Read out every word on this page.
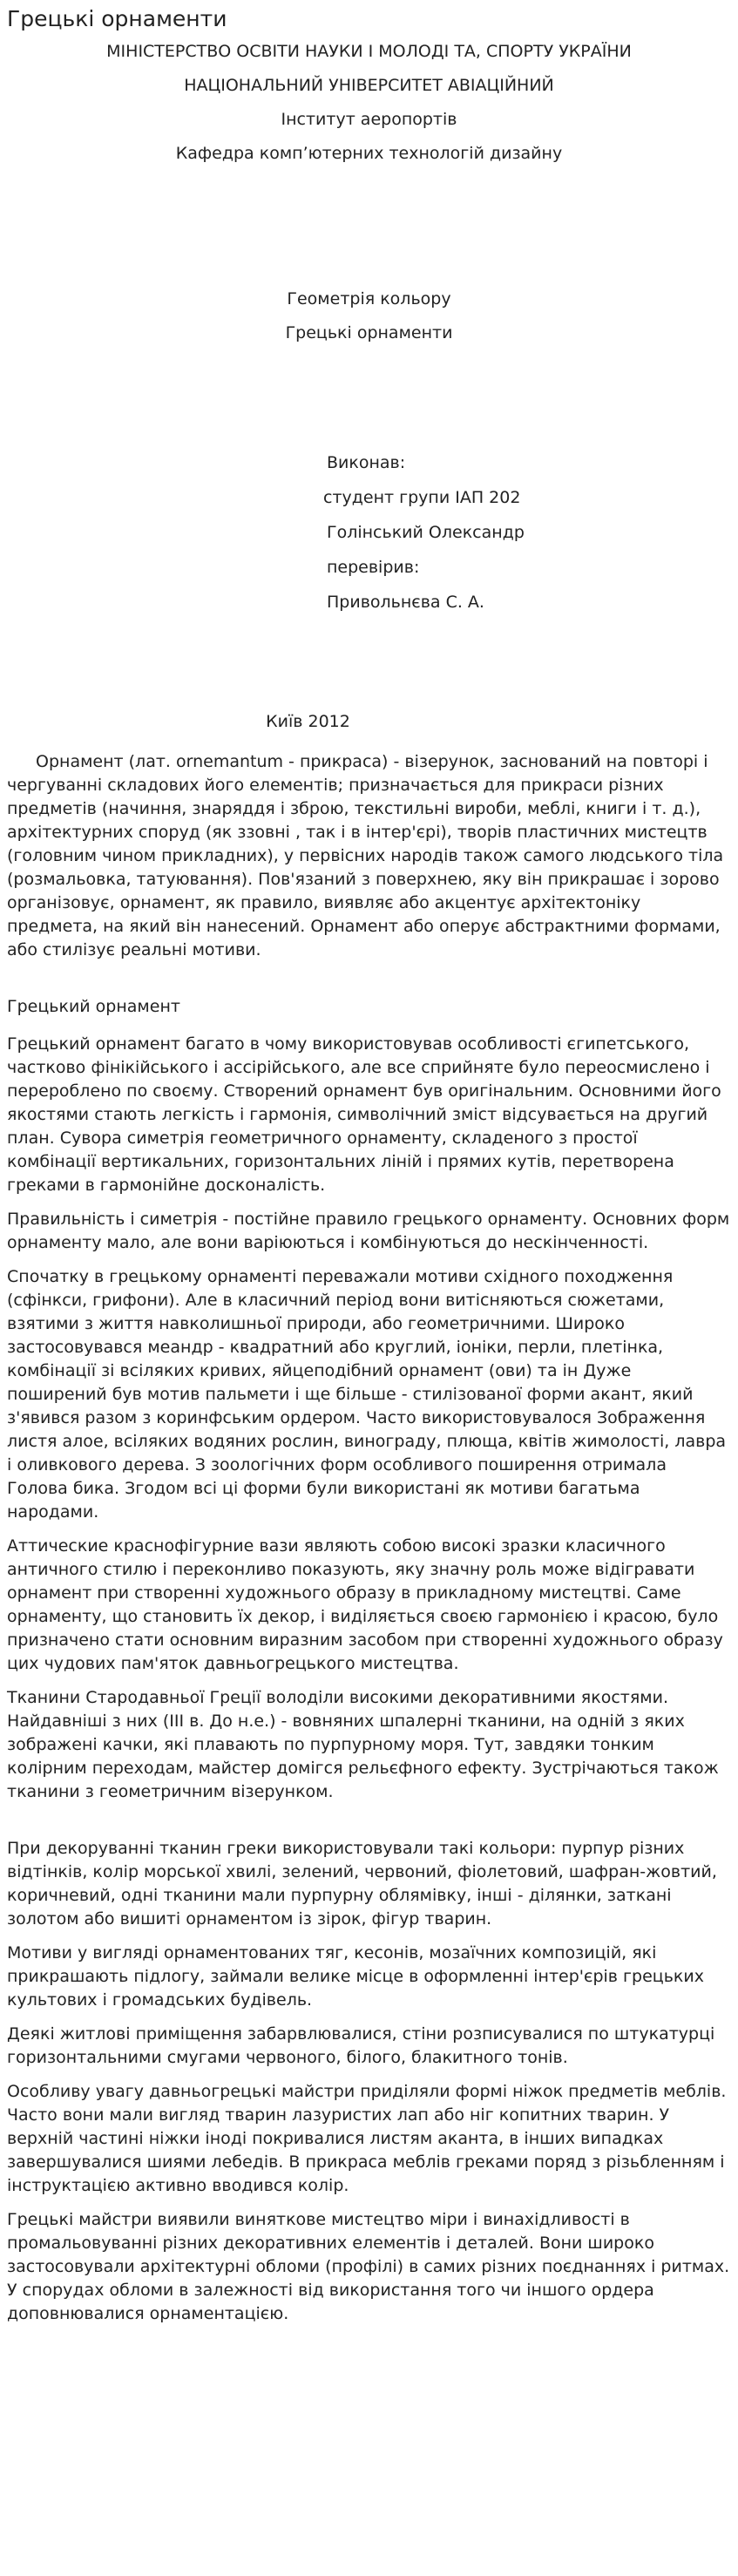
Грецькі орнаменти

МІНІСТЕРСТВО ОСВІТИ НАУКИ І МОЛОДІ ТА, СПОРТУ УКРАЇНИ

НАЦІОНАЛЬНИЙ УНІВЕРСИТЕТ АВІАЦІЙНИЙ

Інститут аеропортів

Кафедра комп’ютерних технологій дизайну

Геометрія кольору

Грецькі орнаменти

Виконав:

студент групи ІАП 202

Голінський Олександр

перевірив:

Привольнєва С. А.

Київ 2012

Орнамент (лат. ornemantum - прикраса) - візерунок, заснований на повторі і чергуванні складових його елементів; призначається для прикраси різних предметів (начиння, знаряддя і зброю, текстильні вироби, меблі, книги і т. д.), архітектурних споруд (як ззовні , так і в інтер'єрі), творів пластичних мистецтв (головним чином прикладних), у первісних народів також самого людського тіла (розмальовка, татуювання). Пов'язаний з поверхнею, яку він прикрашає і зорово організовує, орнамент, як правило, виявляє або акцентує архітектоніку предмета, на який він нанесений. Орнамент або оперує абстрактними формами, або стилізує реальні мотиви.

Грецький орнамент

Грецький орнамент багато в чому використовував особливості єгипетського, частково фінікійського і ассірійського, але все сприйняте було переосмислено і перероблено по своєму. Створений орнамент був оригінальним. Основними його якостями стають легкість і гармонія, символічний зміст відсувається на другий план. Сувора симетрія геометричного орнаменту, складеного з простої комбінації вертикальних, горизонтальних ліній і прямих кутів, перетворена греками в гармонійне досконалість.

Правильність і симетрія - постійне правило грецького орнаменту. Основних форм орнаменту мало, але вони варіюються і комбінуються до нескінченності.

Спочатку в грецькому орнаменті переважали мотиви східного походження (сфінкси, грифони). Але в класичний період вони витісняються сюжетами, взятими з життя навколишньої природи, або геометричними. Широко застосовувався меандр - квадратний або круглий, іоніки, перли, плетінка, комбінації зі всіляких кривих, яйцеподібний орнамент (ови) та ін Дуже поширений був мотив пальмети і ще більше - стилізованої форми акант, який з'явився разом з коринфським ордером. Часто використовувалося Зображення листя алое, всіляких водяних рослин, винограду, плюща, квітів жимолості, лавра і оливкового дерева. З зоологічних форм особливого поширення отримала Голова бика. Згодом всі ці форми були використані як мотиви багатьма народами.

Аттические краснофігурние вази являють собою високі зразки класичного античного стилю і переконливо показують, яку значну роль може відігравати орнамент при створенні художнього образу в прикладному мистецтві. Саме орнаменту, що становить їх декор, і виділяється своєю гармонією і красою, було призначено стати основним виразним засобом при створенні художнього образу цих чудових пам'яток давньогрецького мистецтва.

Тканини Стародавньої Греції володіли високими декоративними якостями. Найдавніші з них (III в. До н.е.) - вовняних шпалерні тканини, на одній з яких зображені качки, які плавають по пурпурному моря. Тут, завдяки тонким колірним переходам, майстер домігся рельєфного ефекту. Зустрічаються також тканини з геометричним візерунком.

При декоруванні тканин греки використовували такі кольори: пурпур різних відтінків, колір морської хвилі, зелений, червоний, фіолетовий, шафран-жовтий, коричневий, одні тканини мали пурпурну облямівку, інші - ділянки, заткані золотом або вишиті орнаментом із зірок, фігур тварин.

Мотиви у вигляді орнаментованих тяг, кесонів, мозаїчних композицій, які прикрашають підлогу, займали велике місце в оформленні інтер'єрів грецьких культових і громадських будівель.

Деякі житлові приміщення забарвлювалися, стіни розписувалися по штукатурці горизонтальними смугами червоного, білого, блакитного тонів.

Особливу увагу давньогрецькі майстри приділяли формі ніжок предметів меблів. Часто вони мали вигляд тварин лазуристих лап або ніг копитних тварин. У верхній частині ніжки іноді покривалися листям аканта, в інших випадках завершувалися шиями лебедів. В прикраса меблів греками поряд з різьбленням і інструктацією активно вводився колір.

Грецькі майстри виявили виняткове мистецтво міри і винахідливості в промальовуванні різних декоративних елементів і деталей. Вони широко застосовували архітектурні обломи (профілі) в самих різних поєднаннях і ритмах. У спорудах обломи в залежності від використання того чи іншого ордера доповнювалися орнаментацією.
